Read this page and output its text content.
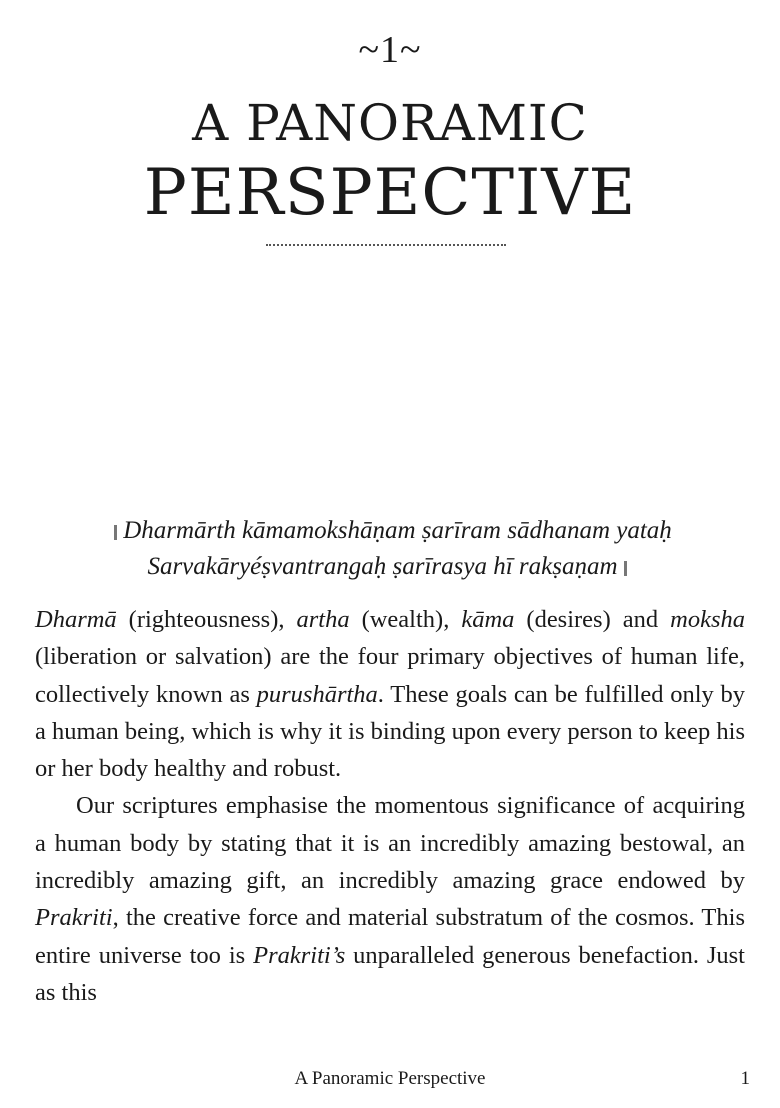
~1~
A PANORAMIC
PERSPECTIVE
Dharmārth kāmamokshāṇam ṣarīram sādhanam yataḥ
Sarvakāryéṣvantrangaḥ ṣarīrasya hī rakṣaṇam

Dharmā (righteousness), artha (wealth), kāma (desires) and moksha (liberation or salvation) are the four primary objectives of human life, collectively known as purushārtha. These goals can be fulfilled only by a human being, which is why it is binding upon every person to keep his or her body healthy and robust.

Our scriptures emphasise the momentous significance of acquiring a human body by stating that it is an incredibly amazing bestowal, an incredibly amazing gift, an incredibly amazing grace endowed by Prakriti, the creative force and material substratum of the cosmos. This entire universe too is Prakriti’s unparalleled generous benefaction. Just as this

A Panoramic Perspective	1
